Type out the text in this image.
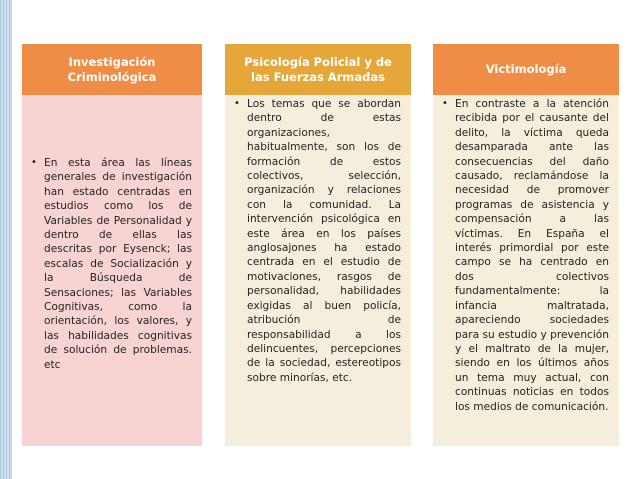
Investigación Criminológica
• En esta área las líneas generales de investigación han estado centradas en estudios como los de Variables de Personalidad y dentro de ellas las descritas por Eysenck; las escalas de Socialización y la Búsqueda de Sensaciones; las Variables Cognitivas, como la orientación, los valores, y las habilidades cognitivas de solución de problemas. etc
Psicología Policial y de las Fuerzas Armadas
• Los temas que se abordan dentro de estas organizaciones, habitualmente, son los de formación de estos colectivos, selección, organización y relaciones con la comunidad. La intervención psicológica en este área en los países anglosajones ha estado centrada en el estudio de motivaciones, rasgos de personalidad, habilidades exigidas al buen policía, atribución de responsabilidad a los delincuentes, percepciones de la sociedad, estereotipos sobre minorías, etc.
Victimología
• En contraste a la atención recibida por el causante del delito, la víctima queda desamparada ante las consecuencias del daño causado, reclamándose la necesidad de promover programas de asistencia y compensación a las víctimas. En España el interés primordial por este campo se ha centrado en dos colectivos fundamentalmente: la infancia maltratada, apareciendo sociedades para su estudio y prevención y el maltrato de la mujer, siendo en los últimos años un tema muy actual, con continuas noticias en todos los medios de comunicación.
